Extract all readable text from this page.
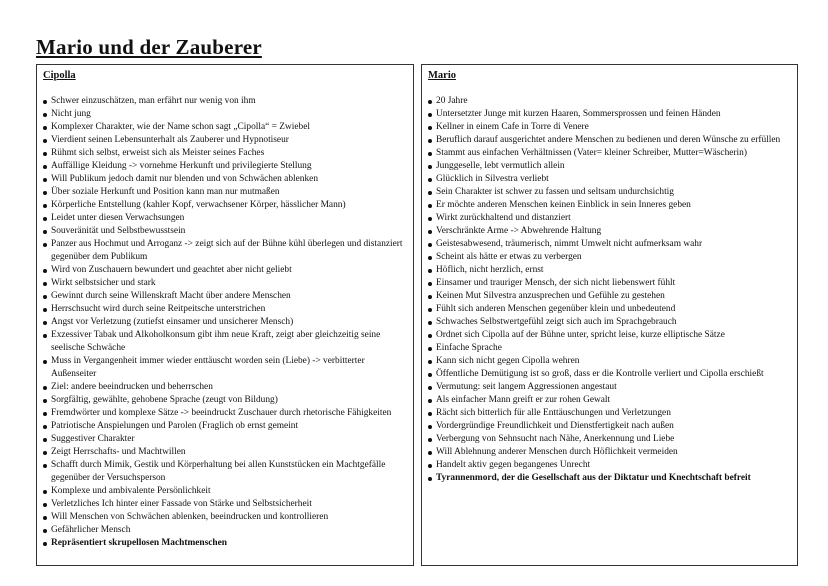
Mario und der Zauberer
Cipolla
Schwer einzuschätzen, man erfährt nur wenig von ihm
Nicht jung
Komplexer Charakter, wie der Name schon sagt „Cipolla“ = Zwiebel
Vierdient seinen Lebensunterhalt als Zauberer und Hypnotiseur
Rühmt sich selbst, erweist sich als Meister seines Faches
Auffällige Kleidung -> vornehme Herkunft und privilegierte Stellung
Will Publikum jedoch damit nur blenden und von Schwächen ablenken
Über soziale Herkunft und Position kann man nur mutmaßen
Körperliche Entstellung (kahler Kopf, verwachsener Körper, hässlicher Mann)
Leidet unter diesen Verwachsungen
Souveränität und Selbstbewusstsein
Panzer aus Hochmut und Arroganz -> zeigt sich auf der Bühne kühl überlegen und distanziert gegenüber dem Publikum
Wird von Zuschauern bewundert und geachtet aber nicht geliebt
Wirkt selbstsicher und stark
Gewinnt durch seine Willenskraft Macht über andere Menschen
Herrschsucht wird durch seine Reitpeitsche unterstrichen
Angst vor Verletzung (zutiefst einsamer und unsicherer Mensch)
Exzessiver Tabak und Alkoholkonsum gibt ihm neue Kraft, zeigt aber gleichzeitig seine seelische Schwäche
Muss in Vergangenheit immer wieder enttäuscht worden sein (Liebe) -> verbitterter Außenseiter
Ziel: andere beeindrucken und beherrschen
Sorgfältig, gewählte, gehobene Sprache (zeugt von Bildung)
Fremdwörter und komplexe Sätze -> beeindruckt Zuschauer durch rhetorische Fähigkeiten
Patriotische Anspielungen und Parolen (Fraglich ob ernst gemeint
Suggestiver Charakter
Zeigt Herrschafts- und Machtwillen
Schafft durch Mimik, Gestik und Körperhaltung bei allen Kunststücken ein Machtgefälle gegenüber der Versuchsperson
Komplexe und ambivalente Persönlichkeit
Verletzliches Ich hinter einer Fassade von Stärke und Selbstsicherheit
Will Menschen von Schwächen ablenken, beeindrucken und kontrollieren
Gefährlicher Mensch
Repräsentiert skrupellosen Machtmenschen
Mario
20 Jahre
Untersetzter Junge mit kurzen Haaren, Sommersprossen und feinen Händen
Kellner in einem Cafe in Torre di Venere
Beruflich darauf ausgerichtet andere Menschen zu bedienen und deren Wünsche zu erfüllen
Stammt aus einfachen Verhältnissen (Vater= kleiner Schreiber, Mutter=Wäscherin)
Junggeselle, lebt vermutlich allein
Glücklich in Silvestra verliebt
Sein Charakter ist schwer zu fassen und seltsam undurchsichtig
Er möchte anderen Menschen keinen Einblick in sein Inneres geben
Wirkt zurückhaltend und distanziert
Verschränkte Arme -> Abwehrende Haltung
Geistesabwesend, träumerisch, nimmt Umwelt nicht aufmerksam wahr
Scheint als hätte er etwas zu verbergen
Höflich, nicht herzlich, ernst
Einsamer und trauriger Mensch, der sich nicht liebenswert fühlt
Keinen Mut Silvestra anzusprechen und Gefühle zu gestehen
Fühlt sich anderen Menschen gegenüber klein und unbedeutend
Schwaches Selbstwertgefühl zeigt sich auch im Sprachgebrauch
Ordnet sich Cipolla auf der Bühne unter, spricht leise, kurze elliptische Sätze
Einfache Sprache
Kann sich nicht gegen Cipolla wehren
Öffentliche Demütigung ist so groß, dass er die Kontrolle verliert und Cipolla erschießt
Vermutung: seit langem Aggressionen angestaut
Als einfacher Mann greift er zur rohen Gewalt
Rächt sich bitterlich für alle Enttäuschungen und Verletzungen
Vordergründige Freundlichkeit und Dienstfertigkeit nach außen
Verbergung von Sehnsucht nach Nähe, Anerkennung und Liebe
Will Ablehnung anderer Menschen durch Höflichkeit vermeiden
Handelt aktiv gegen begangenes Unrecht
Tyrannenmord, der die Gesellschaft aus der Diktatur und Knechtschaft befreit
